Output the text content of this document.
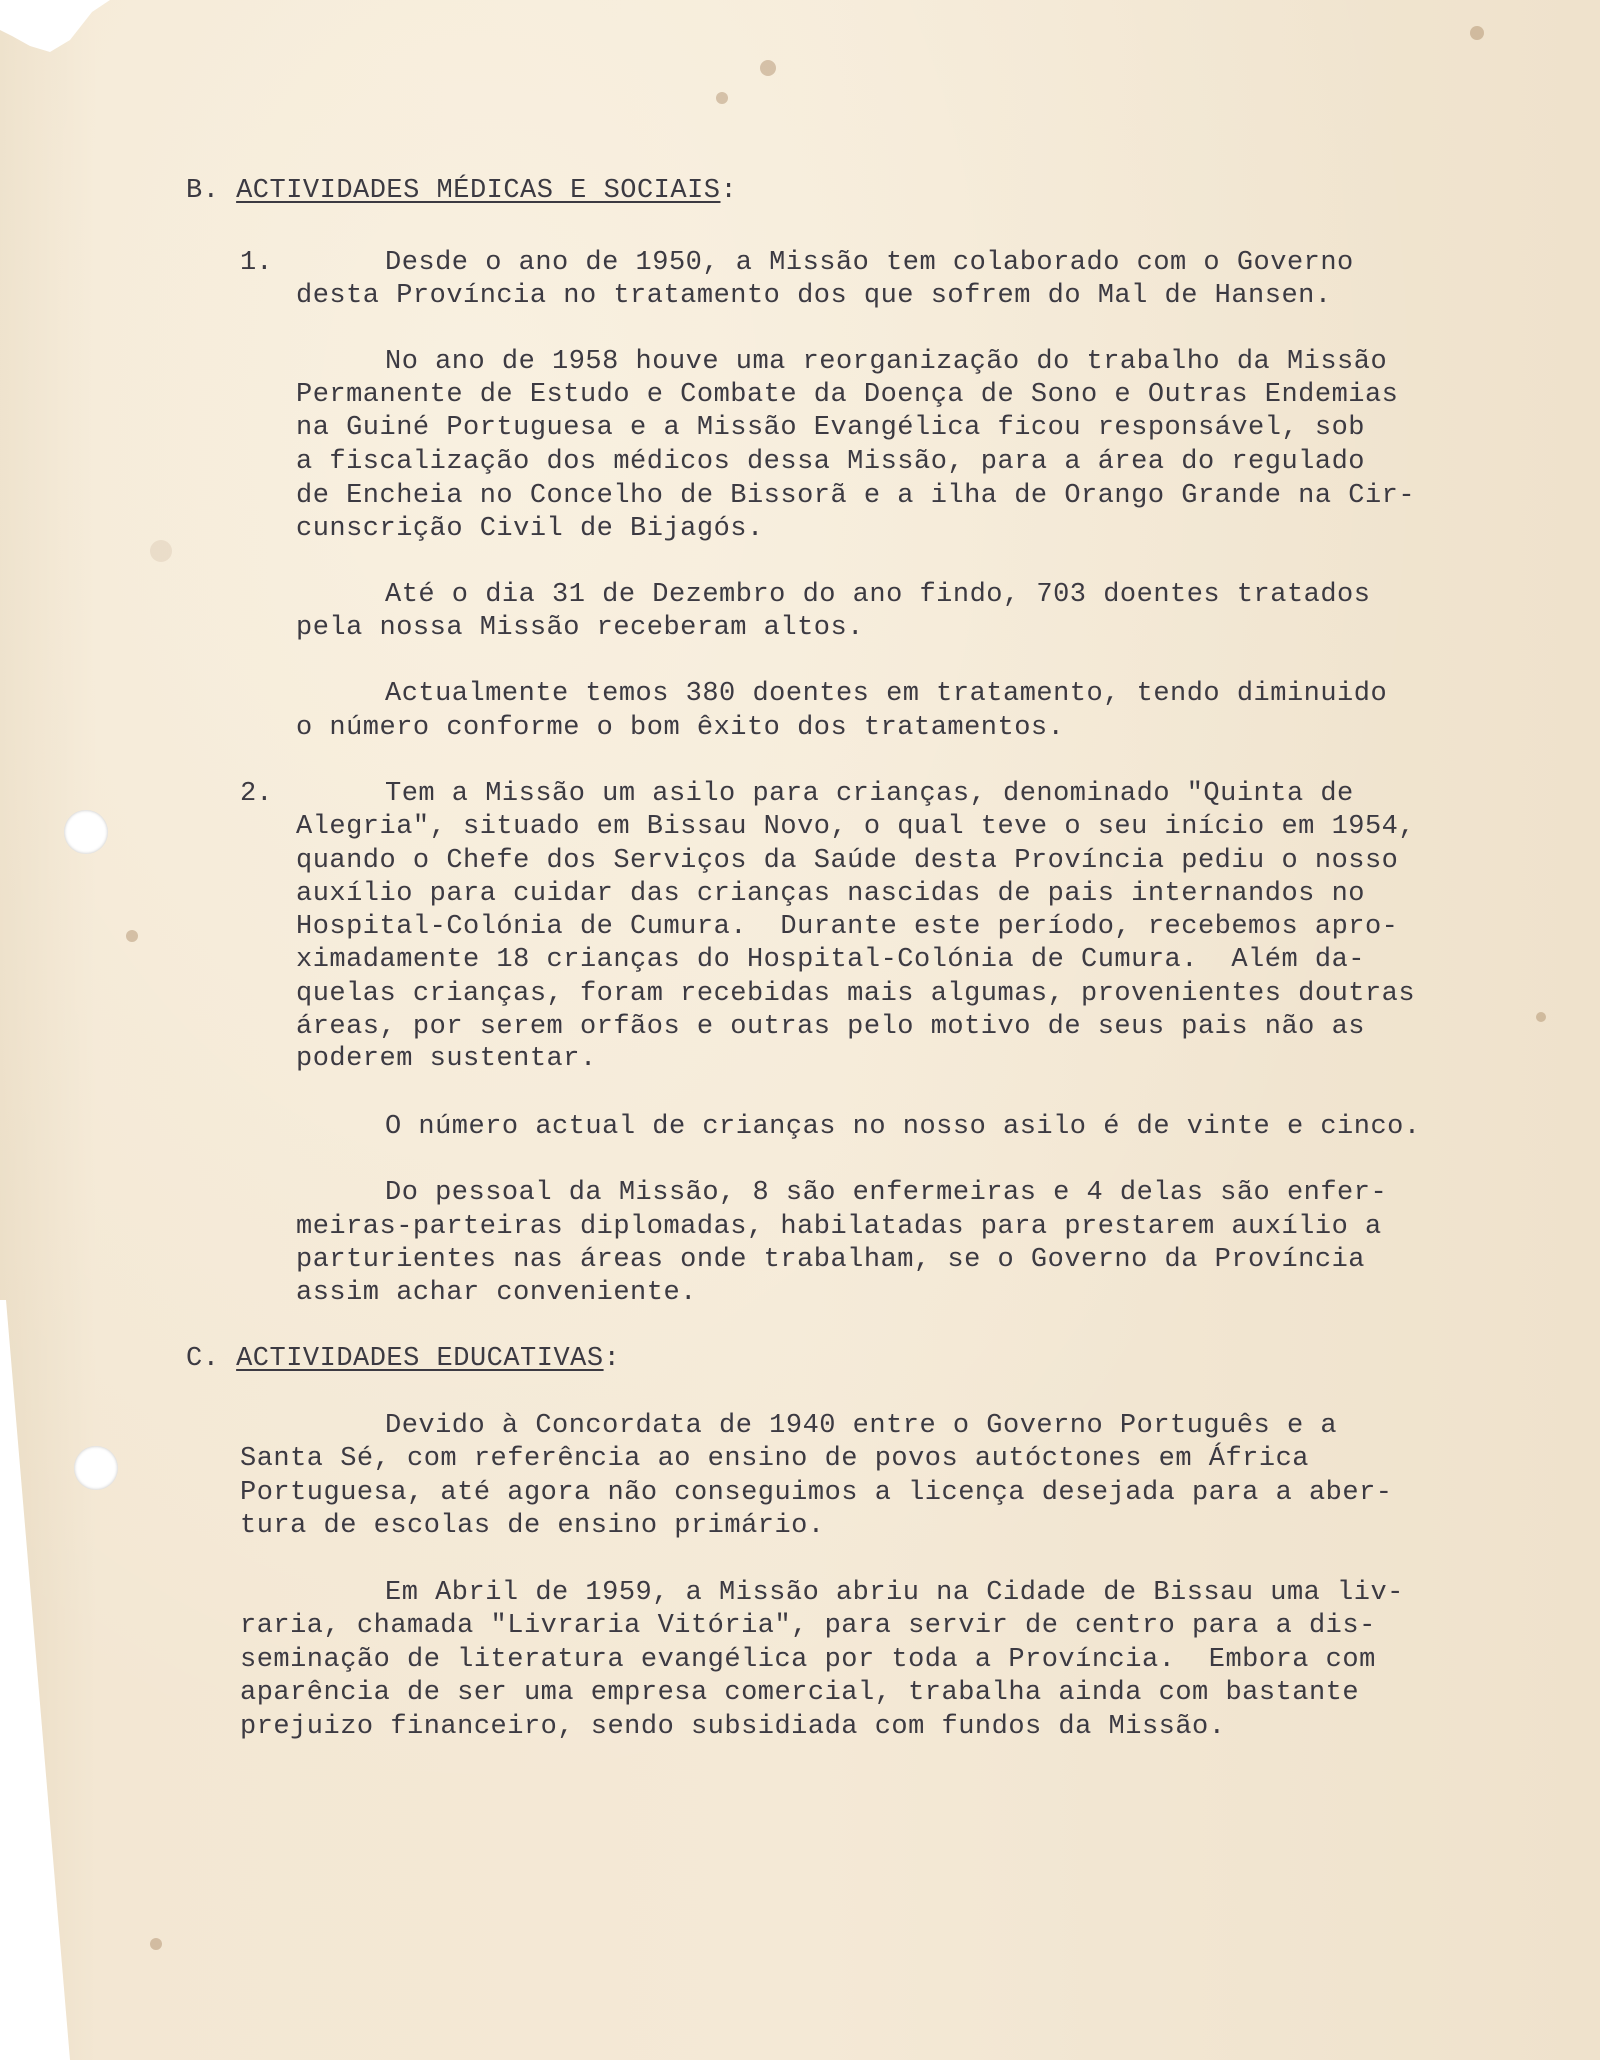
B. ACTIVIDADES MÉDICAS E SOCIAIS:
1.	Desde o ano de 1950, a Missão tem colaborado com o Governo
desta Província no tratamento dos que sofrem do Mal de Hansen.
No ano de 1958 houve uma reorganização do trabalho da Missão
Permanente de Estudo e Combate da Doença de Sono e Outras Endemias
na Guiné Portuguesa e a Missão Evangélica ficou responsável, sob
a fiscalização dos médicos dessa Missão, para a área do regulado
de Encheia no Concelho de Bissorã e a ilha de Orango Grande na Cir-
cunscrição Civil de Bijagós.
Até o dia 31 de Dezembro do ano findo, 703 doentes tratados
pela nossa Missão receberam altos.
Actualmente temos 380 doentes em tratamento, tendo diminuido
o número conforme o bom êxito dos tratamentos.
2.	Tem a Missão um asilo para crianças, denominado "Quinta de
Alegria", situado em Bissau Novo, o qual teve o seu início em 1954,
quando o Chefe dos Serviços da Saúde desta Província pediu o nosso
auxílio para cuidar das crianças nascidas de pais internandos no
Hospital-Colónia de Cumura.  Durante este período, recebemos apro-
ximadamente 18 crianças do Hospital-Colónia de Cumura.  Além da-
quelas crianças, foram recebidas mais algumas, provenientes doutras
áreas, por serem orfãos e outras pelo motivo de seus pais não as
poderem sustentar.
O número actual de crianças no nosso asilo é de vinte e cinco.
Do pessoal da Missão, 8 são enfermeiras e 4 delas são enfer-
meiras-parteiras diplomadas, habilatadas para prestarem auxílio a
parturientes nas áreas onde trabalham, se o Governo da Província
assim achar conveniente.
C. ACTIVIDADES EDUCATIVAS:
Devido à Concordata de 1940 entre o Governo Português e a
Santa Sé, com referência ao ensino de povos autóctones em África
Portuguesa, até agora não conseguimos a licença desejada para a aber-
tura de escolas de ensino primário.
Em Abril de 1959, a Missão abriu na Cidade de Bissau uma liv-
raria, chamada "Livraria Vitória", para servir de centro para a dis-
seminação de literatura evangélica por toda a Província.  Embora com
aparência de ser uma empresa comercial, trabalha ainda com bastante
prejuizo financeiro, sendo subsidiada com fundos da Missão.
